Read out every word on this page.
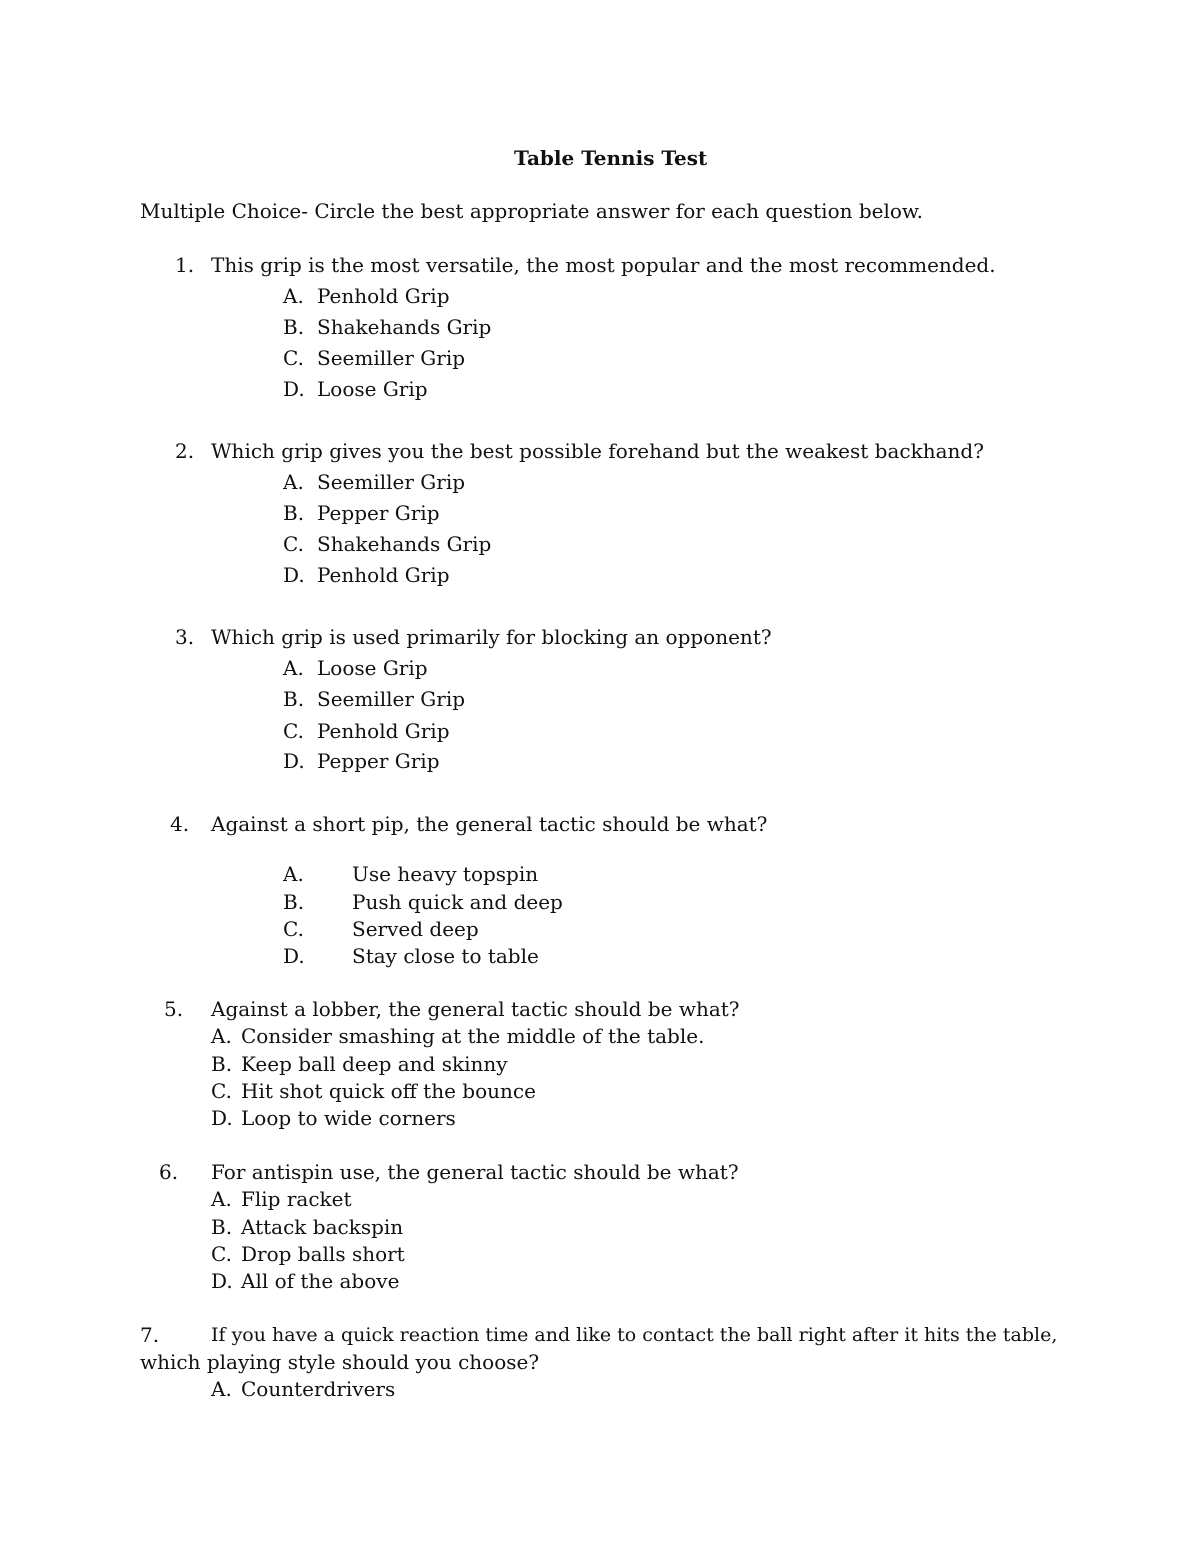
Table Tennis Test
Multiple Choice- Circle the best appropriate answer for each question below.
1. This grip is the most versatile, the most popular and the most recommended.
A. Penhold Grip
B. Shakehands Grip
C. Seemiller Grip
D. Loose Grip
2. Which grip gives you the best possible forehand but the weakest backhand?
A. Seemiller Grip
B. Pepper Grip
C. Shakehands Grip
D. Penhold Grip
3. Which grip is used primarily for blocking an opponent?
A. Loose Grip
B. Seemiller Grip
C. Penhold Grip
D. Pepper Grip
4. Against a short pip, the general tactic should be what?
A. Use heavy topspin
B. Push quick and deep
C. Served deep
D. Stay close to table
5. Against a lobber, the general tactic should be what?
A. Consider smashing at the middle of the table.
B. Keep ball deep and skinny
C. Hit shot quick off the bounce
D. Loop to wide corners
6. For antispin use, the general tactic should be what?
A. Flip racket
B. Attack backspin
C. Drop balls short
D. All of the above
7.	If you have a quick reaction time and like to contact the ball right after it hits the table,
which playing style should you choose?
A. Counterdrivers
